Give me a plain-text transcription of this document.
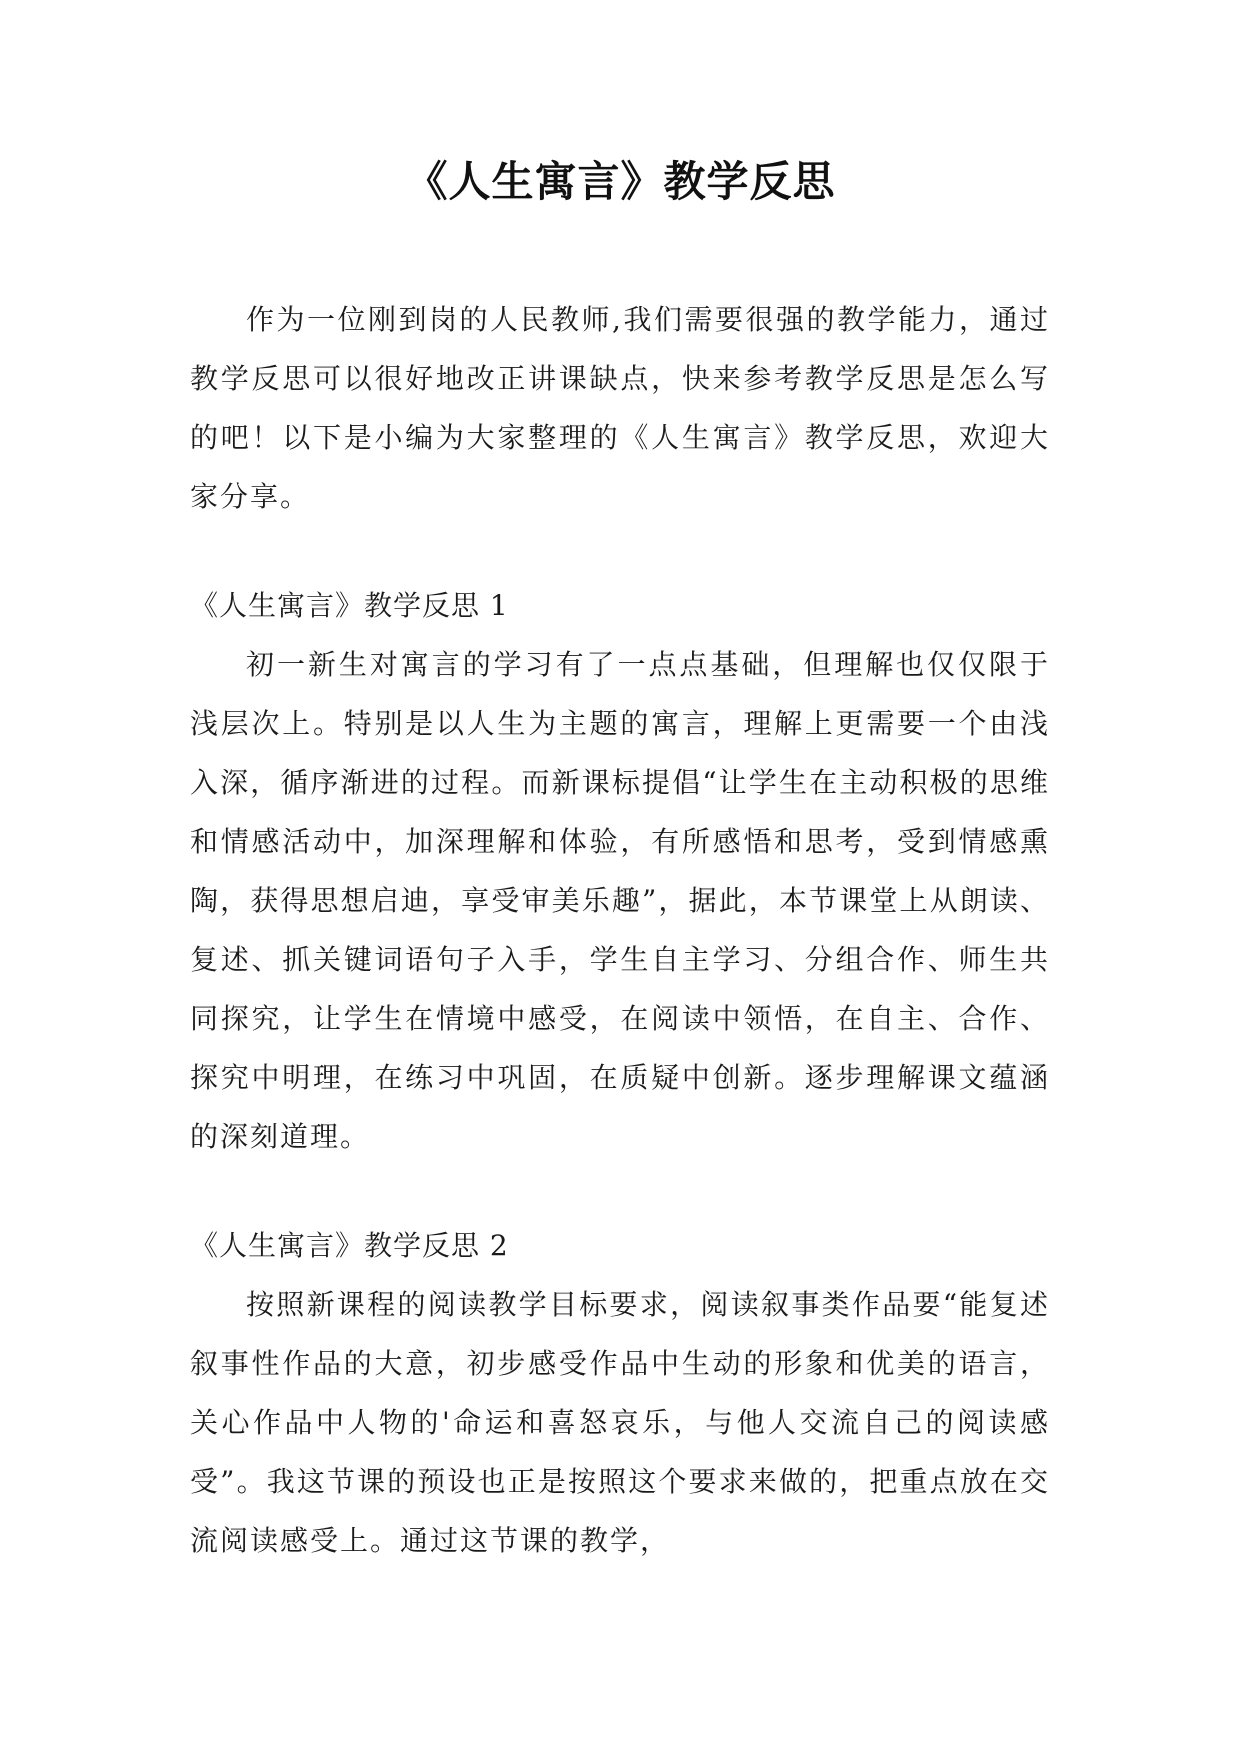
《人生寓言》教学反思

作为一位刚到岗的人民教师,我们需要很强的教学能力，通过教学反思可以很好地改正讲课缺点，快来参考教学反思是怎么写的吧！以下是小编为大家整理的《人生寓言》教学反思，欢迎大家分享。

《人生寓言》教学反思 1

初一新生对寓言的学习有了一点点基础，但理解也仅仅限于浅层次上。特别是以人生为主题的寓言，理解上更需要一个由浅入深，循序渐进的过程。而新课标提倡“让学生在主动积极的思维和情感活动中，加深理解和体验，有所感悟和思考，受到情感熏陶，获得思想启迪，享受审美乐趣”，据此，本节课堂上从朗读、复述、抓关键词语句子入手，学生自主学习、分组合作、师生共同探究，让学生在情境中感受，在阅读中领悟，在自主、合作、探究中明理，在练习中巩固，在质疑中创新。逐步理解课文蕴涵的深刻道理。

《人生寓言》教学反思 2

按照新课程的阅读教学目标要求，阅读叙事类作品要“能复述叙事性作品的大意，初步感受作品中生动的形象和优美的语言，关心作品中人物的'命运和喜怒哀乐，与他人交流自己的阅读感受”。我这节课的预设也正是按照这个要求来做的，把重点放在交流阅读感受上。通过这节课的教学，
